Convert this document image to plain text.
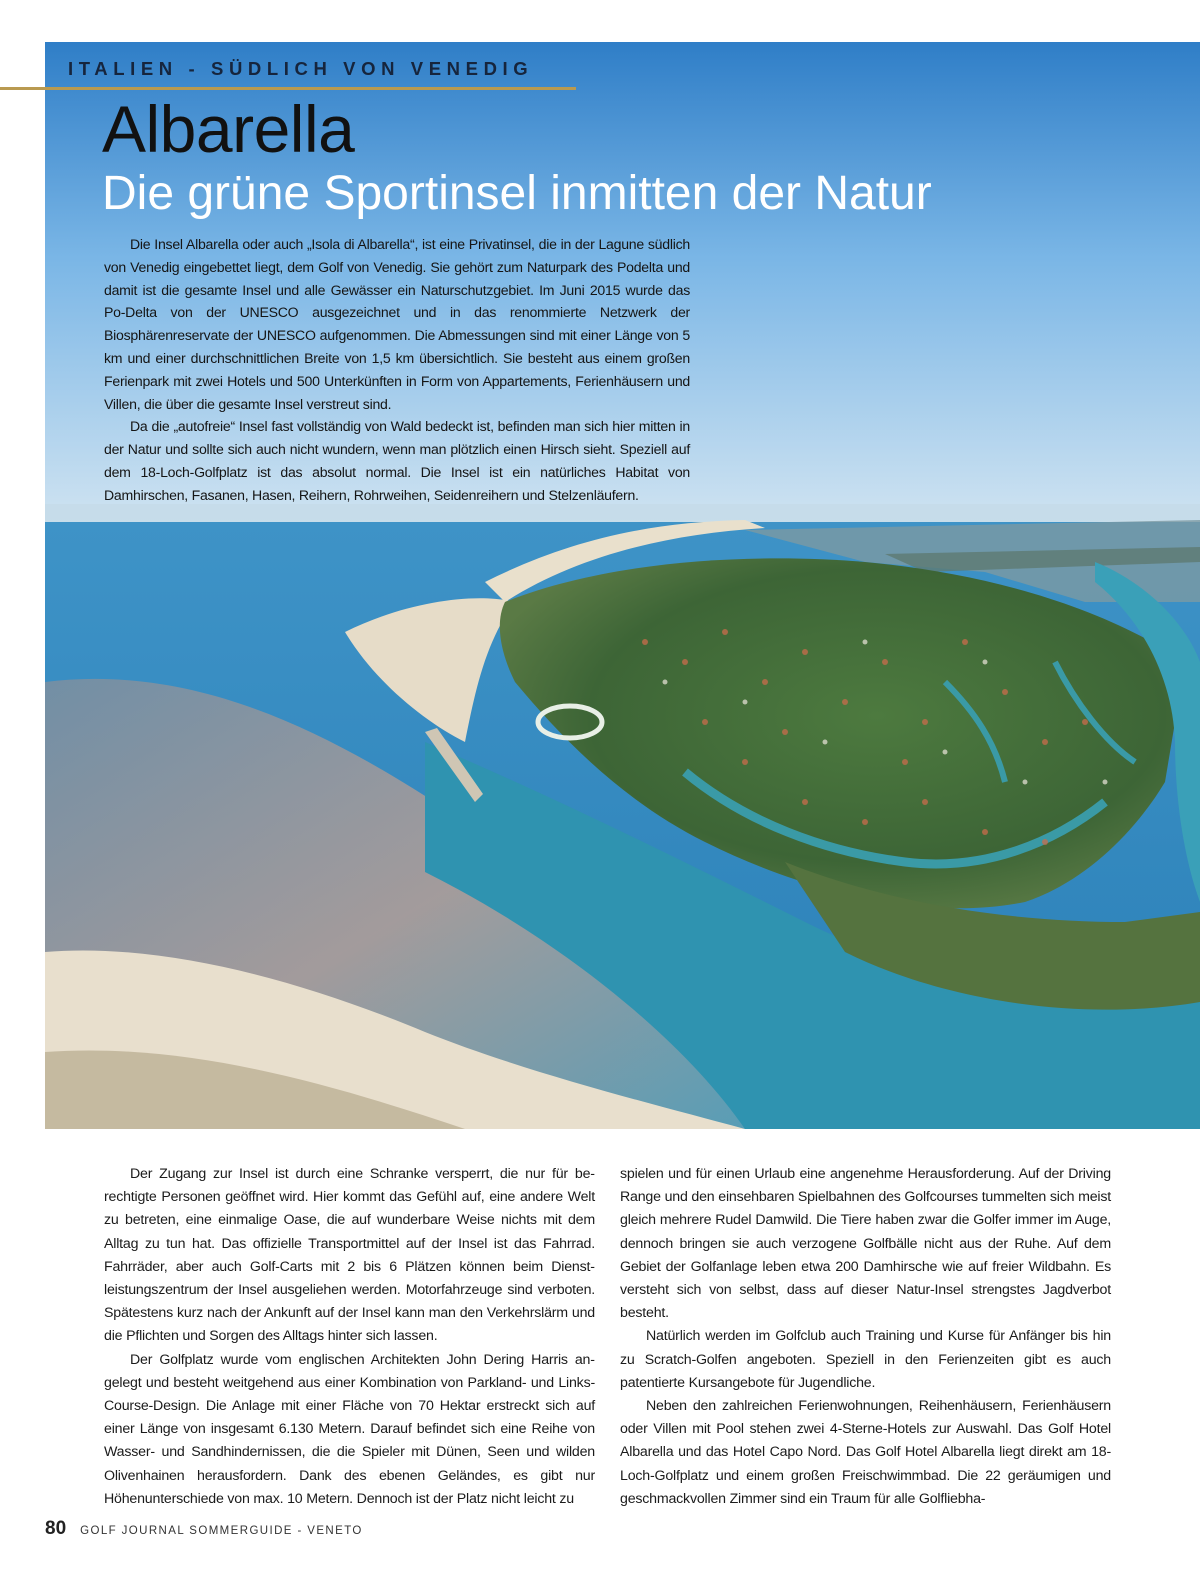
ITALIEN - SÜDLICH VON VENEDIG
Albarella
Die grüne Sportinsel inmitten der Natur

Die Insel Albarella oder auch „Isola di Albarella“, ist eine Privatinsel, die in der Lagune südlich von Venedig eingebettet liegt, dem Golf von Venedig. Sie gehört zum Naturpark des Podelta und damit ist die gesamte Insel und alle Gewässer ein Naturschutzgebiet. Im Juni 2015 wurde das Po-Delta von der UNESCO ausgezeichnet und in das renommierte Netzwerk der Biosphärenreservate der UNESCO aufgenommen. Die Abmessungen sind mit einer Länge von 5 km und einer durchschnittlichen Breite von 1,5 km übersichtlich. Sie besteht aus einem großen Ferienpark mit zwei Hotels und 500 Unterkünften in Form von Appartements, Ferienhäusern und Villen, die über die gesamte Insel verstreut sind.

Da die „autofreie“ Insel fast vollständig von Wald bedeckt ist, befinden man sich hier mitten in der Natur und sollte sich auch nicht wundern, wenn man plötzlich einen Hirsch sieht. Speziell auf dem 18-Loch-Golfplatz ist das absolut normal. Die Insel ist ein natürliches Habitat von Damhirschen, Fasanen, Hasen, Reihern, Rohrweihen, Seidenreihern und Stelzenläufern.

Der Zugang zur Insel ist durch eine Schranke versperrt, die nur für berechtigte Personen geöffnet wird. Hier kommt das Gefühl auf, eine andere Welt zu betreten, eine einmalige Oase, die auf wunderbare Weise nichts mit dem Alltag zu tun hat. Das offizielle Transportmittel auf der Insel ist das Fahrrad. Fahrräder, aber auch Golf-Carts mit 2 bis 6 Plätzen können beim Dienstleistungszentrum der Insel ausgeliehen werden. Motorfahrzeuge sind verboten. Spätestens kurz nach der Ankunft auf der Insel kann man den Verkehrslärm und die Pflichten und Sorgen des Alltags hinter sich lassen.

Der Golfplatz wurde vom englischen Architekten John Dering Harris angelegt und besteht weitgehend aus einer Kombination von Parkland- und Links-Course-Design. Die Anlage mit einer Fläche von 70 Hektar erstreckt sich auf einer Länge von insgesamt 6.130 Metern. Darauf befindet sich eine Reihe von Wasser- und Sandhindernissen, die die Spieler mit Dünen, Seen und wilden Olivenhainen herausfordern. Dank des ebenen Geländes, es gibt nur Höhenunterschiede von max. 10 Metern. Dennoch ist der Platz nicht leicht zu

spielen und für einen Urlaub eine angenehme Herausforderung. Auf der Driving Range und den einsehbaren Spielbahnen des Golfcourses tummelten sich meist gleich mehrere Rudel Damwild. Die Tiere haben zwar die Golfer immer im Auge, dennoch bringen sie auch verzogene Golfbälle nicht aus der Ruhe. Auf dem Gebiet der Golfanlage leben etwa 200 Damhirsche wie auf freier Wildbahn. Es versteht sich von selbst, dass auf dieser Natur-Insel strengstes Jagdverbot besteht.

Natürlich werden im Golfclub auch Training und Kurse für Anfänger bis hin zu Scratch-Golfen angeboten. Speziell in den Ferienzeiten gibt es auch patentierte Kursangebote für Jugendliche.

Neben den zahlreichen Ferienwohnungen, Reihenhäusern, Ferienhäusern oder Villen mit Pool stehen zwei 4-Sterne-Hotels zur Auswahl. Das Golf Hotel Albarella und das Hotel Capo Nord. Das Golf Hotel Albarella liegt direkt am 18-Loch-Golfplatz und einem großen Freischwimmbad. Die 22 geräumigen und geschmackvollen Zimmer sind ein Traum für alle Golfliebha-

80 GOLF JOURNAL SOMMERGUIDE - VENETO
